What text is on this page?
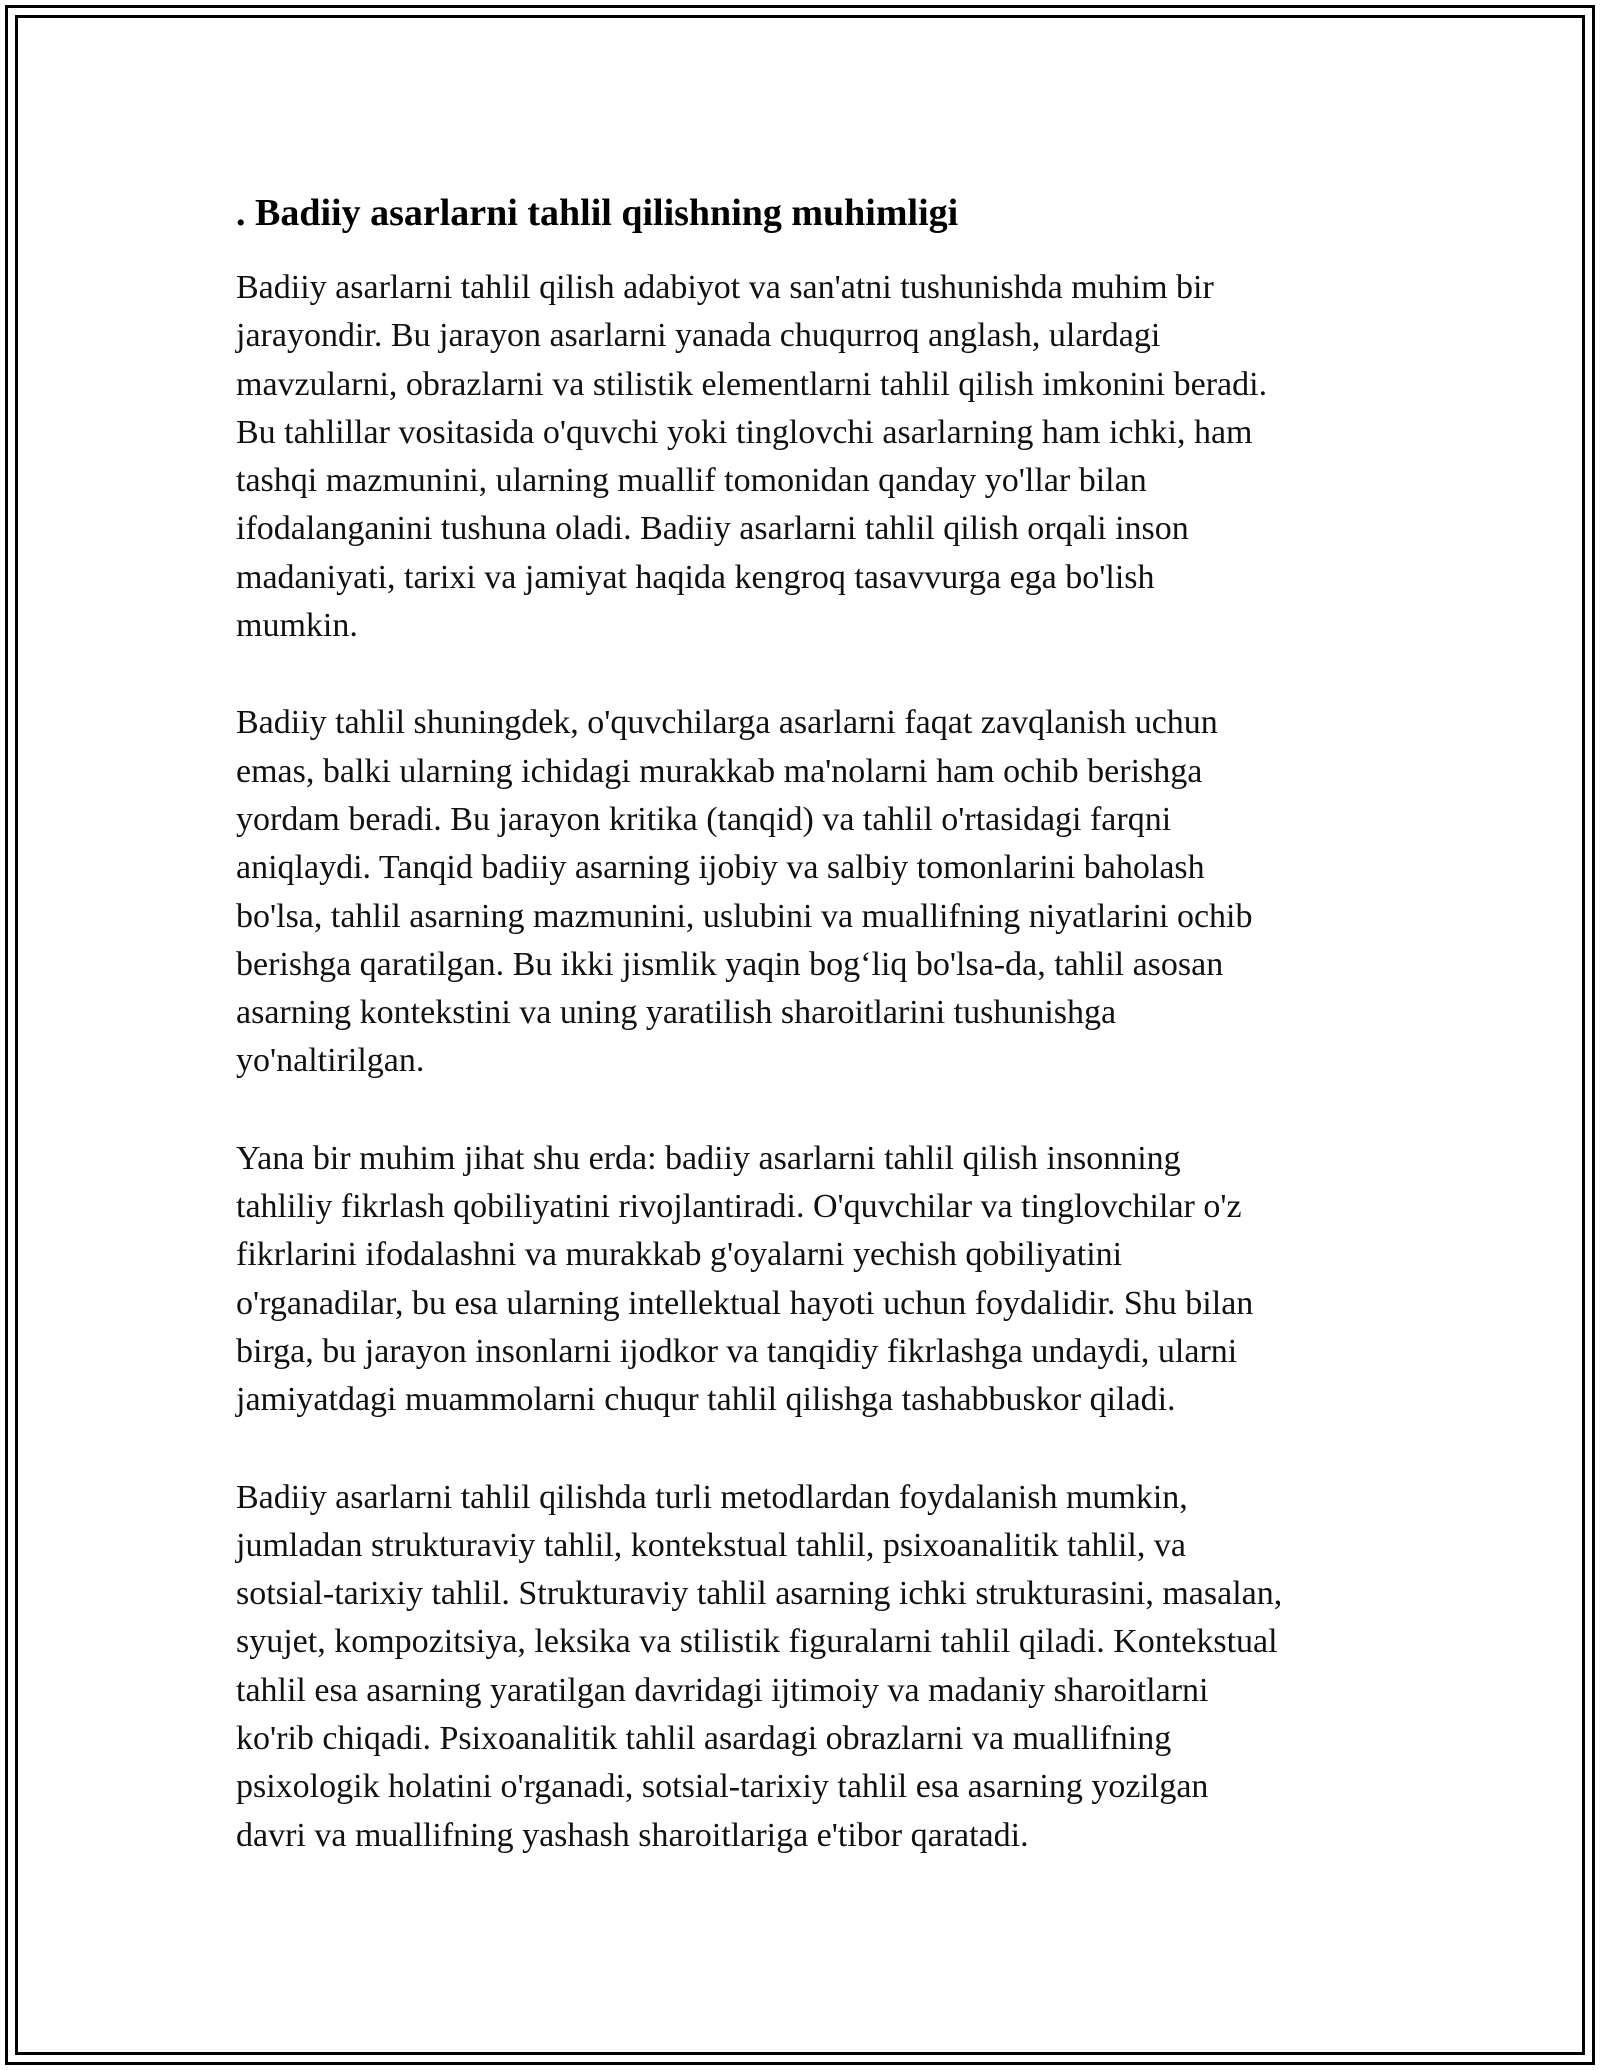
. Badiiy asarlarni tahlil qilishning muhimligi

Badiiy asarlarni tahlil qilish adabiyot va san'atni tushunishda muhim bir
jarayondir. Bu jarayon asarlarni yanada chuqurroq anglash, ulardagi
mavzularni, obrazlarni va stilistik elementlarni tahlil qilish imkonini beradi.
Bu tahlillar vositasida o'quvchi yoki tinglovchi asarlarning ham ichki, ham
tashqi mazmunini, ularning muallif tomonidan qanday yo'llar bilan
ifodalanganini tushuna oladi. Badiiy asarlarni tahlil qilish orqali inson
madaniyati, tarixi va jamiyat haqida kengroq tasavvurga ega bo'lish
mumkin.

Badiiy tahlil shuningdek, o'quvchilarga asarlarni faqat zavqlanish uchun
emas, balki ularning ichidagi murakkab ma'nolarni ham ochib berishga
yordam beradi. Bu jarayon kritika (tanqid) va tahlil o'rtasidagi farqni
aniqlaydi. Tanqid badiiy asarning ijobiy va salbiy tomonlarini baholash
bo'lsa, tahlil asarning mazmunini, uslubini va muallifning niyatlarini ochib
berishga qaratilgan. Bu ikki jismlik yaqin bog‘liq bo'lsa-da, tahlil asosan
asarning kontekstini va uning yaratilish sharoitlarini tushunishga
yo'naltirilgan.

Yana bir muhim jihat shu erda: badiiy asarlarni tahlil qilish insonning
tahliliy fikrlash qobiliyatini rivojlantiradi. O'quvchilar va tinglovchilar o'z
fikrlarini ifodalashni va murakkab g'oyalarni yechish qobiliyatini
o'rganadilar, bu esa ularning intellektual hayoti uchun foydalidir. Shu bilan
birga, bu jarayon insonlarni ijodkor va tanqidiy fikrlashga undaydi, ularni
jamiyatdagi muammolarni chuqur tahlil qilishga tashabbuskor qiladi.

Badiiy asarlarni tahlil qilishda turli metodlardan foydalanish mumkin,
jumladan strukturaviy tahlil, kontekstual tahlil, psixoanalitik tahlil, va
sotsial-tarixiy tahlil. Strukturaviy tahlil asarning ichki strukturasini, masalan,
syujet, kompozitsiya, leksika va stilistik figuralarni tahlil qiladi. Kontekstual
tahlil esa asarning yaratilgan davridagi ijtimoiy va madaniy sharoitlarni
ko'rib chiqadi. Psixoanalitik tahlil asardagi obrazlarni va muallifning
psixologik holatini o'rganadi, sotsial-tarixiy tahlil esa asarning yozilgan
davri va muallifning yashash sharoitlariga e'tibor qaratadi.
